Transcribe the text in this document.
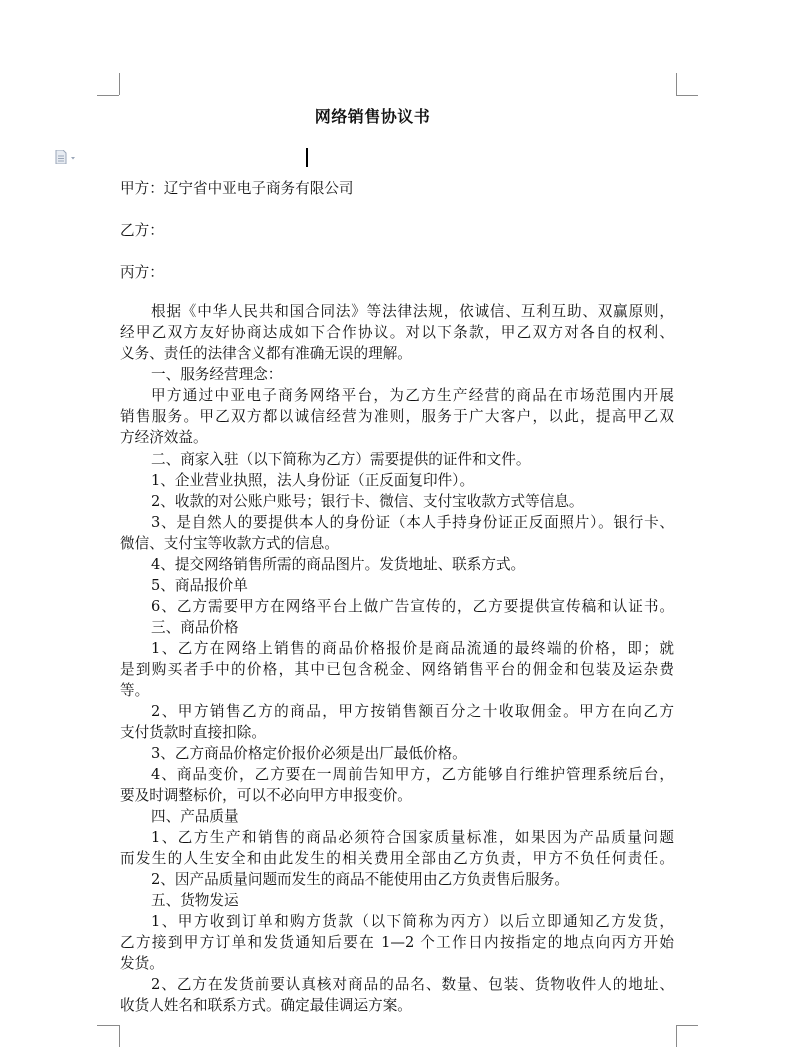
网络销售协议书
甲方：辽宁省中亚电子商务有限公司
乙方：
丙方：
根据《中华人民共和国合同法》等法律法规，依诚信、互利互助、双赢原则，
经甲乙双方友好协商达成如下合作协议。对以下条款，甲乙双方对各自的权利、
义务、责任的法律含义都有准确无误的理解。
一、服务经营理念：
甲方通过中亚电子商务网络平台，为乙方生产经营的商品在市场范围内开展
销售服务。甲乙双方都以诚信经营为准则，服务于广大客户，以此，提高甲乙双
方经济效益。
二、商家入驻（以下简称为乙方）需要提供的证件和文件。
1、企业营业执照，法人身份证（正反面复印件）。
2、收款的对公账户账号；银行卡、微信、支付宝收款方式等信息。
3、是自然人的要提供本人的身份证（本人手持身份证正反面照片）。银行卡、
微信、支付宝等收款方式的信息。
4、提交网络销售所需的商品图片。发货地址、联系方式。
5、商品报价单
6、乙方需要甲方在网络平台上做广告宣传的，乙方要提供宣传稿和认证书。
三、商品价格
1、乙方在网络上销售的商品价格报价是商品流通的最终端的价格，即；就
是到购买者手中的价格，其中已包含税金、网络销售平台的佣金和包装及运杂费
等。
2、甲方销售乙方的商品，甲方按销售额百分之十收取佣金。甲方在向乙方
支付货款时直接扣除。
3、乙方商品价格定价报价必须是出厂最低价格。
4、商品变价，乙方要在一周前告知甲方，乙方能够自行维护管理系统后台，
要及时调整标价，可以不必向甲方申报变价。
四、产品质量
1、乙方生产和销售的商品必须符合国家质量标准，如果因为产品质量问题
而发生的人生安全和由此发生的相关费用全部由乙方负责，甲方不负任何责任。
2、因产品质量问题而发生的商品不能使用由乙方负责售后服务。
五、货物发运
1、甲方收到订单和购方货款（以下简称为丙方）以后立即通知乙方发货，
乙方接到甲方订单和发货通知后要在 1—2 个工作日内按指定的地点向丙方开始
发货。
2、乙方在发货前要认真核对商品的品名、数量、包装、货物收件人的地址、
收货人姓名和联系方式。确定最佳调运方案。
